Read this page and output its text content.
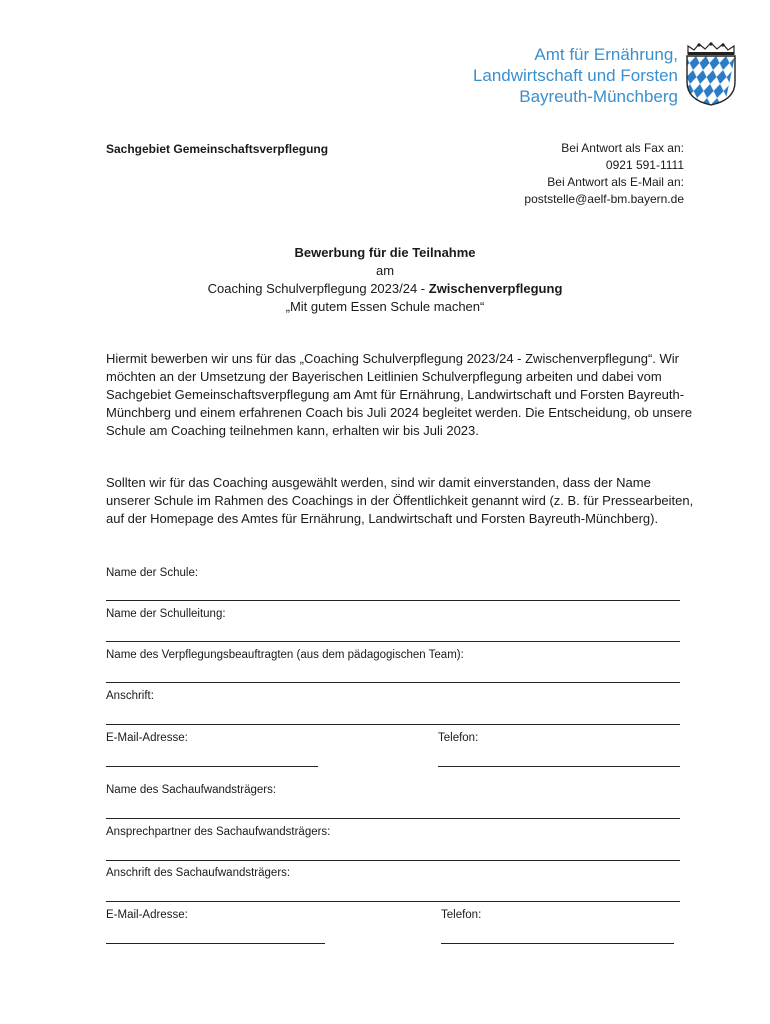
Amt für Ernährung,
Landwirtschaft und Forsten
Bayreuth-Münchberg
Sachgebiet Gemeinschaftsverpflegung	Bei Antwort als Fax an:
0921 591-1111
Bei Antwort als E-Mail an:
poststelle@aelf-bm.bayern.de
Bewerbung für die Teilnahme
am
Coaching Schulverpflegung 2023/24 - Zwischenverpflegung
„Mit gutem Essen Schule machen“
Hiermit bewerben wir uns für das „Coaching Schulverpflegung 2023/24 - Zwischenverpflegung“. Wir möchten an der Umsetzung der Bayerischen Leitlinien Schulverpflegung arbeiten und dabei vom Sachgebiet Gemeinschaftsverpflegung am Amt für Ernährung, Landwirtschaft und Forsten Bayreuth-Münchberg und einem erfahrenen Coach bis Juli 2024 begleitet werden. Die Entscheidung, ob unsere Schule am Coaching teilnehmen kann, erhalten wir bis Juli 2023.
Sollten wir für das Coaching ausgewählt werden, sind wir damit einverstanden, dass der Name unserer Schule im Rahmen des Coachings in der Öffentlichkeit genannt wird (z. B. für Pressearbeiten, auf der Homepage des Amtes für Ernährung, Landwirtschaft und Forsten Bayreuth-Münchberg).
Name der Schule:
Name der Schulleitung:
Name des Verpflegungsbeauftragten (aus dem pädagogischen Team):
Anschrift:
E-Mail-Adresse:	Telefon:
Name des Sachaufwandsträgers:
Ansprechpartner des Sachaufwandsträgers:
Anschrift des Sachaufwandsträgers:
E-Mail-Adresse:	Telefon:
